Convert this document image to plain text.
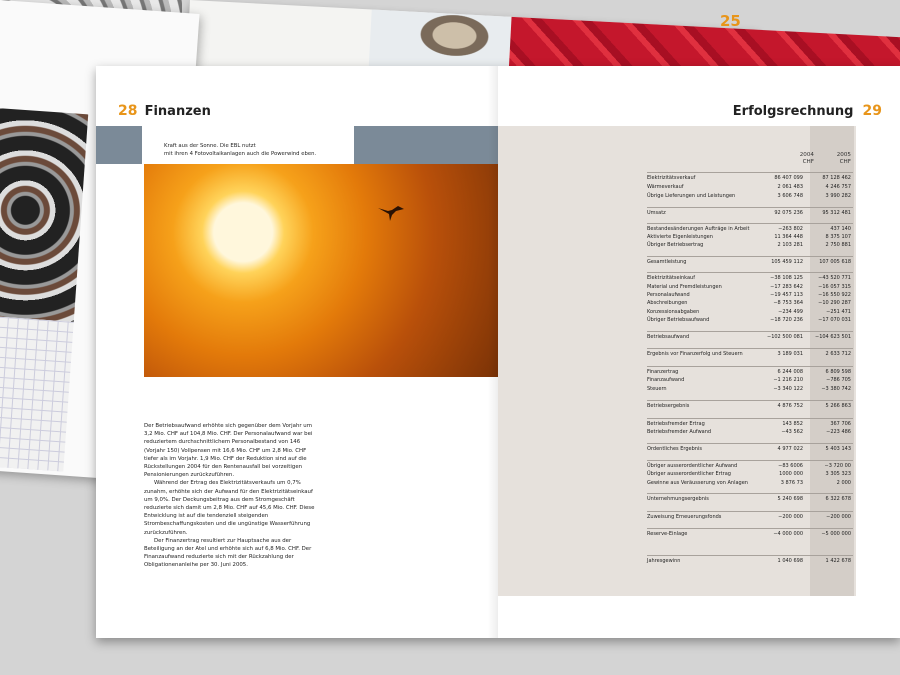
25
28 Finanzen
Kraft aus der Sonne. Die EBL nutzt
mit ihren 4 Fotovoltaikanlagen auch die Powerwind eben.

Der Betriebsaufwand erhöhte sich gegenüber dem Vorjahr um 3,2 Mio. CHF auf 104,8 Mio. CHF. Der Personalaufwand war bei reduziertem durchschnittlichem Personalbestand von 146 (Vorjahr 150) Vollpensen mit 16,6 Mio. CHF um 2,8 Mio. CHF tiefer als im Vorjahr. 1,9 Mio. CHF der Reduktion sind auf die Rückstellungen 2004 für den Rentenausfall bei vorzeitigen Pensionierungen zurückzuführen.

Während der Ertrag des Elektrizitätsverkaufs um 0,7% zunahm, erhöhte sich der Aufwand für den Elektrizitätseinkauf um 9,0%. Der Deckungsbeitrag aus dem Stromgeschäft reduzierte sich damit um 2,8 Mio. CHF auf 45,6 Mio. CHF. Diese Entwicklung ist auf die tendenziell steigenden Strombeschaffungskosten und die ungünstige Wasserführung zurückzuführen.

Der Finanzertrag resultiert zur Hauptsache aus der Beteiligung an der Atel und erhöhte sich auf 6,8 Mio. CHF. Der Finanzaufwand reduzierte sich mit der Rückzahlung der Obligationenanleihe per 30. Juni 2005.

Erfolgsrechnung 29
2004
CHF
2005
CHF
Elektrizitätsverkauf	86 407 099	87 128 462
Wärmeverkauf	2 061 483	4 246 757
Übrige Lieferungen und Leistungen	3 606 748	3 990 282
Umsatz	92 075 236	95 312 481
Bestandesänderungen Aufträge in Arbeit	−263 802	437 140
Aktivierte Eigenleistungen	11 364 448	8 375 107
Übriger Betriebsertrag	2 103 281	2 750 881
Gesamtleistung	105 459 112	107 005 618
Elektrizitätseinkauf	−38 108 125	−43 520 771
Material und Fremdleistungen	−17 283 642	−16 057 315
Personalaufwand	−19 457 113	−16 550 922
Abschreibungen	−8 753 364	−10 290 287
Konzessionsabgaben	−234 499	−251 471
Übriger Betriebsaufwand	−18 720 236	−17 070 031
Betriebsaufwand	−102 500 081 −104 623 501
Ergebnis vor Finanzerfolg und Steuern	3 189 031	2 633 712
Finanzertrag	6 244 008	6 809 598
Finanzaufwand	−1 216 210	−786 705
Steuern	−3 340 122	−3 380 742
Betriebsergebnis	4 876 752	5 266 863
Betriebsfremder Ertrag	143 852	367 706
Betriebsfremder Aufwand	−43 562	−223 486
Ordentliches Ergebnis	4 977 022	5 403 143
Übriger ausserordentlicher Aufwand	−83 6006	−3 720 00
Übriger ausserordentlicher Ertrag	1000 000	3 305 323
Gewinne aus Veräusserung von Anlagen	3 876 73	2 000
Unternehmungsergebnis	5 240 698	6 322 678
Zuweisung Erneuerungsfonds	−200 000	−200 000
Reserve-Einlage	−4 000 000	−5 000 000
Jahresgewinn	1 040 698	1 422 678
